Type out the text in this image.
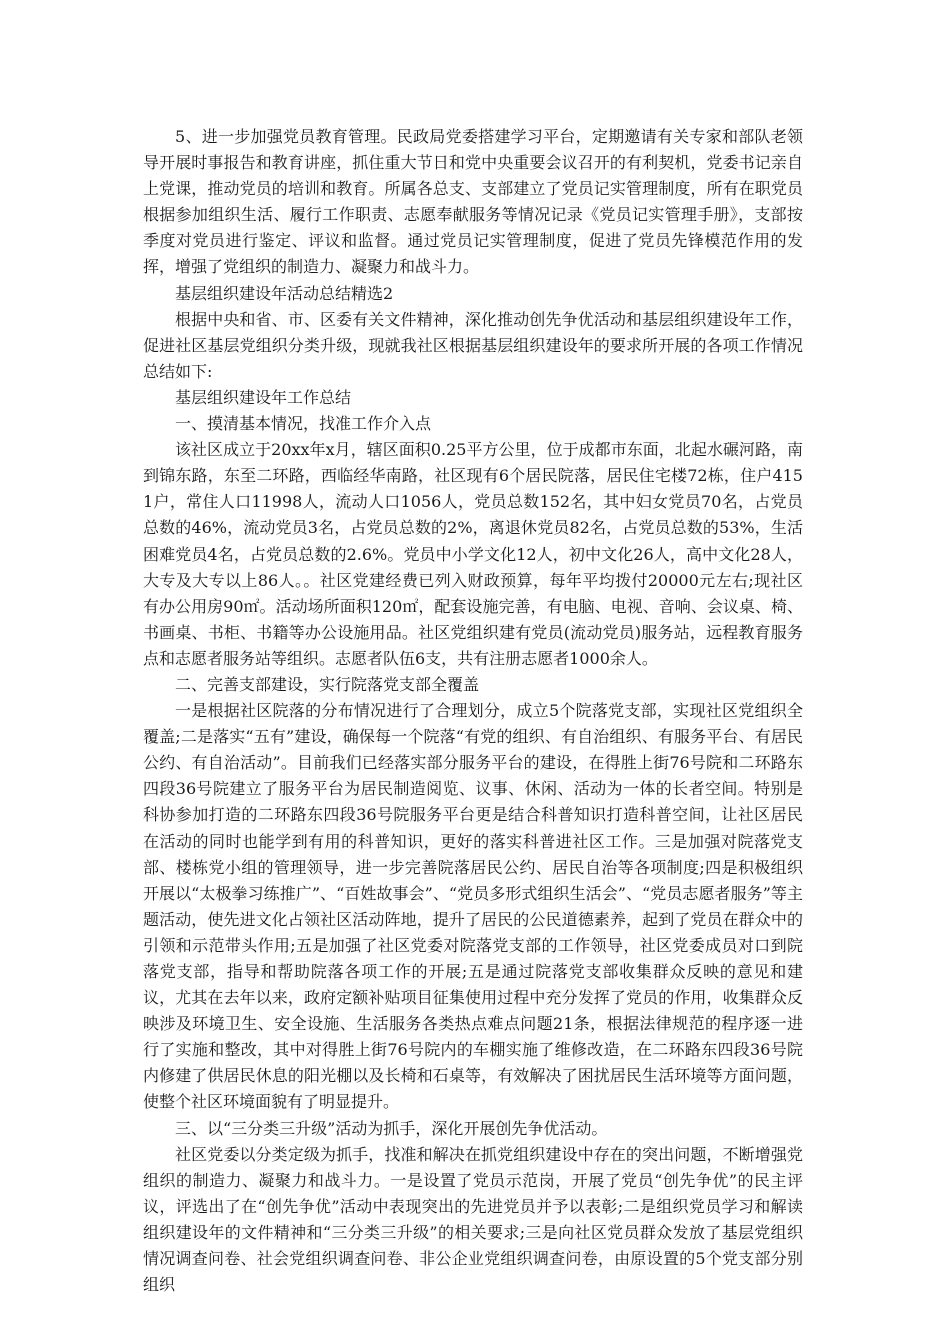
5、进一步加强党员教育管理。民政局党委搭建学习平台，定期邀请有关专家和部队老领导开展时事报告和教育讲座，抓住重大节日和党中央重要会议召开的有利契机，党委书记亲自上党课，推动党员的培训和教育。所属各总支、支部建立了党员记实管理制度，所有在职党员根据参加组织生活、履行工作职责、志愿奉献服务等情况记录《党员记实管理手册》，支部按季度对党员进行鉴定、评议和监督。通过党员记实管理制度，促进了党员先锋模范作用的发挥，增强了党组织的制造力、凝聚力和战斗力。

基层组织建设年活动总结精选2

根据中央和省、市、区委有关文件精神，深化推动创先争优活动和基层组织建设年工作，促进社区基层党组织分类升级，现就我社区根据基层组织建设年的要求所开展的各项工作情况总结如下:

基层组织建设年工作总结

一、摸清基本情况，找准工作介入点

该社区成立于20xx年x月，辖区面积0.25平方公里，位于成都市东面，北起水碾河路，南到锦东路，东至二环路，西临经华南路，社区现有6个居民院落，居民住宅楼72栋，住户4151户，常住人口11998人，流动人口1056人，党员总数152名，其中妇女党员70名，占党员总数的46%，流动党员3名，占党员总数的2%，离退休党员82名，占党员总数的53%，生活困难党员4名，占党员总数的2.6%。党员中小学文化12人，初中文化26人，高中文化28人，大专及大专以上86人。。社区党建经费已列入财政预算，每年平均拨付20000元左右;现社区有办公用房90㎡。活动场所面积120㎡，配套设施完善，有电脑、电视、音响、会议桌、椅、书画桌、书柜、书籍等办公设施用品。社区党组织建有党员(流动党员)服务站，远程教育服务点和志愿者服务站等组织。志愿者队伍6支，共有注册志愿者1000余人。

二、完善支部建设，实行院落党支部全覆盖

一是根据社区院落的分布情况进行了合理划分，成立5个院落党支部，实现社区党组织全覆盖;二是落实“五有”建设，确保每一个院落“有党的组织、有自治组织、有服务平台、有居民公约、有自治活动”。目前我们已经落实部分服务平台的建设，在得胜上街76号院和二环路东四段36号院建立了服务平台为居民制造阅览、议事、休闲、活动为一体的长者空间。特别是科协参加打造的二环路东四段36号院服务平台更是结合科普知识打造科普空间，让社区居民在活动的同时也能学到有用的科普知识，更好的落实科普进社区工作。三是加强对院落党支部、楼栋党小组的管理领导，进一步完善院落居民公约、居民自治等各项制度;四是积极组织开展以“太极拳习练推广”、“百姓故事会”、“党员多形式组织生活会”、“党员志愿者服务”等主题活动，使先进文化占领社区活动阵地，提升了居民的公民道德素养，起到了党员在群众中的引领和示范带头作用;五是加强了社区党委对院落党支部的工作领导，社区党委成员对口到院落党支部，指导和帮助院落各项工作的开展;五是通过院落党支部收集群众反映的意见和建议，尤其在去年以来，政府定额补贴项目征集使用过程中充分发挥了党员的作用，收集群众反映涉及环境卫生、安全设施、生活服务各类热点难点问题21条，根据法律规范的程序逐一进行了实施和整改，其中对得胜上街76号院内的车棚实施了维修改造，在二环路东四段36号院内修建了供居民休息的阳光棚以及长椅和石桌等，有效解决了困扰居民生活环境等方面问题，使整个社区环境面貌有了明显提升。

三、以“三分类三升级”活动为抓手，深化开展创先争优活动。

社区党委以分类定级为抓手，找准和解决在抓党组织建设中存在的突出问题，不断增强党组织的制造力、凝聚力和战斗力。一是设置了党员示范岗，开展了党员“创先争优”的民主评议，评选出了在“创先争优”活动中表现突出的先进党员并予以表彰;二是组织党员学习和解读组织建设年的文件精神和“三分类三升级”的相关要求;三是向社区党员群众发放了基层党组织情况调查问卷、社会党组织调查问卷、非公企业党组织调查问卷，由原设置的5个党支部分别组织
